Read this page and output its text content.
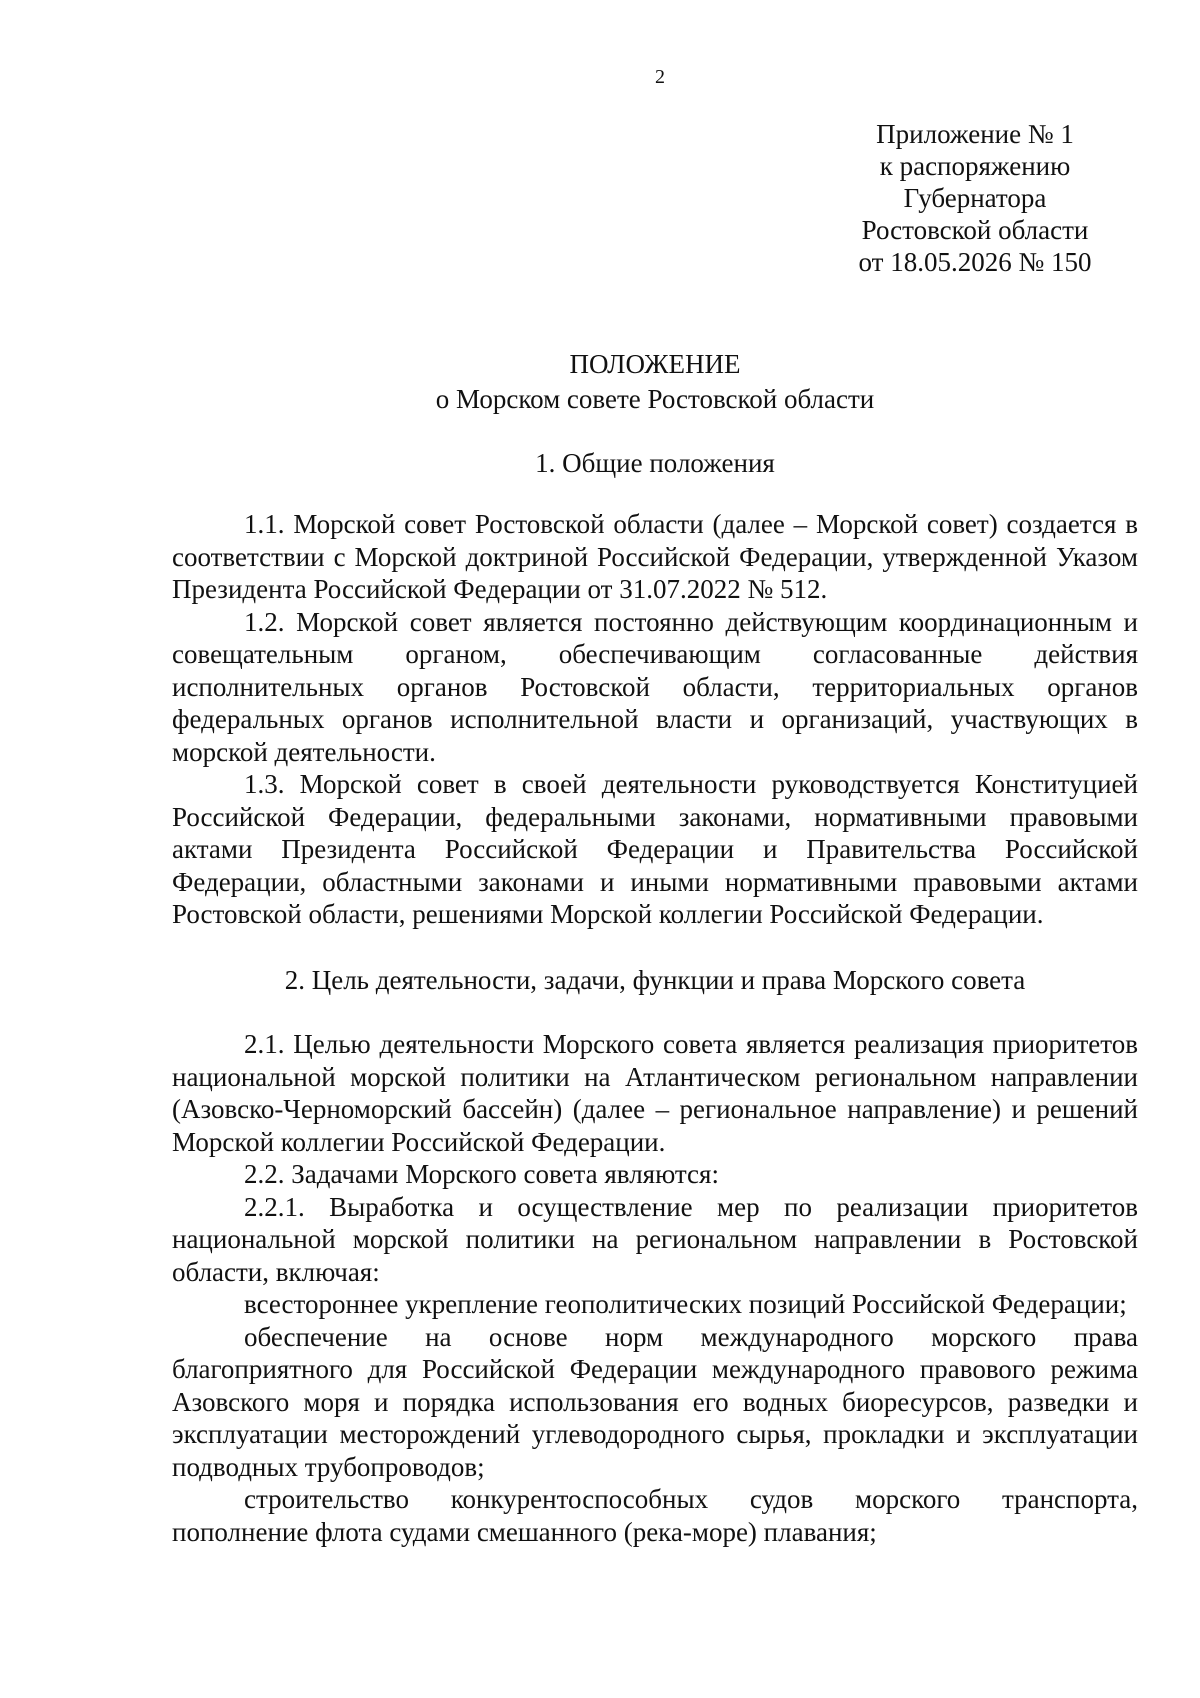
2
Приложение № 1
к распоряжению
Губернатора
Ростовской области
от 18.05.2026 № 150
ПОЛОЖЕНИЕ
о Морском совете Ростовской области
1. Общие положения

1.1. Морской совет Ростовской области (далее – Морской совет) создается в соответствии с Морской доктриной Российской Федерации, утвержденной Указом Президента Российской Федерации от 31.07.2022 № 512.

1.2. Морской совет является постоянно действующим координационным и совещательным органом, обеспечивающим согласованные действия исполнительных органов Ростовской области, территориальных органов федеральных органов исполнительной власти и организаций, участвующих в морской деятельности.

1.3. Морской совет в своей деятельности руководствуется Конституцией Российской Федерации, федеральными законами, нормативными правовыми актами Президента Российской Федерации и Правительства Российской Федерации, областными законами и иными нормативными правовыми актами Ростовской области, решениями Морской коллегии Российской Федерации.

2. Цель деятельности, задачи, функции и права Морского совета

2.1. Целью деятельности Морского совета является реализация приоритетов национальной морской политики на Атлантическом региональном направлении (Азовско-Черноморский бассейн) (далее – региональное направление) и решений Морской коллегии Российской Федерации.

2.2. Задачами Морского совета являются:

2.2.1. Выработка и осуществление мер по реализации приоритетов национальной морской политики на региональном направлении в Ростовской области, включая:

всестороннее укрепление геополитических позиций Российской Федерации;

обеспечение на основе норм международного морского права благоприятного для Российской Федерации международного правового режима Азовского моря и порядка использования его водных биоресурсов, разведки и эксплуатации месторождений углеводородного сырья, прокладки и эксплуатации подводных трубопроводов;

строительство конкурентоспособных судов морского транспорта, пополнение флота судами смешанного (река-море) плавания;
